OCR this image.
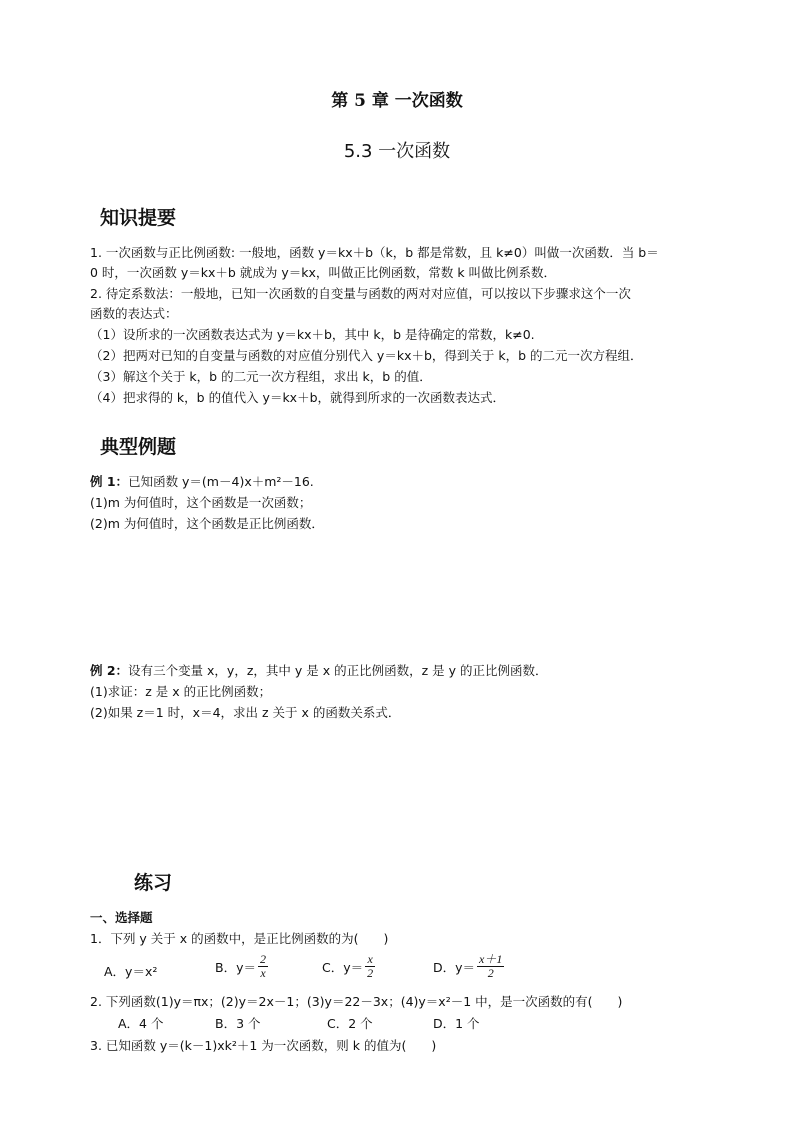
第 5 章 一次函数
5.3 一次函数
知识提要
1. 一次函数与正比例函数: 一般地，函数 y＝kx＋b（k，b 都是常数，且 k≠0）叫做一次函数．当 b＝
0 时，一次函数 y＝kx＋b 就成为 y＝kx，叫做正比例函数，常数 k 叫做比例系数．
2. 待定系数法：一般地，已知一次函数的自变量与函数的两对对应值，可以按以下步骤求这个一次
函数的表达式：
（1）设所求的一次函数表达式为 y＝kx＋b，其中 k，b 是待确定的常数，k≠0.
（2）把两对已知的自变量与函数的对应值分别代入 y＝kx＋b，得到关于 k，b 的二元一次方程组．
（3）解这个关于 k，b 的二元一次方程组，求出 k，b 的值．
（4）把求得的 k，b 的值代入 y＝kx＋b，就得到所求的一次函数表达式．
典型例题
例 1：已知函数 y＝(m－4)x＋m²－16.
(1)m 为何值时，这个函数是一次函数；
(2)m 为何值时，这个函数是正比例函数．
例 2：设有三个变量 x，y，z，其中 y 是 x 的正比例函数，z 是 y 的正比例函数．
(1)求证：z 是 x 的正比例函数；
(2)如果 z＝1 时，x＝4，求出 z 关于 x 的函数关系式．
练习
一、选择题
1．下列 y 关于 x 的函数中，是正比例函数的为(　　)
A．y＝x²	B．$y= \frac{2}{x}$	C．$y= \frac{x}{2}$	D．$y= \frac{x+1}{2}$
2. 下列函数(1)y＝πx；(2)y＝2x－1；(3)y＝22－3x；(4)y＝x²－1 中，是一次函数的有(　　)
A．4 个	B．3 个	C．2 个	D．1 个
3. 已知函数 y＝(k－1)xk²＋1 为一次函数，则 k 的值为(　　)
